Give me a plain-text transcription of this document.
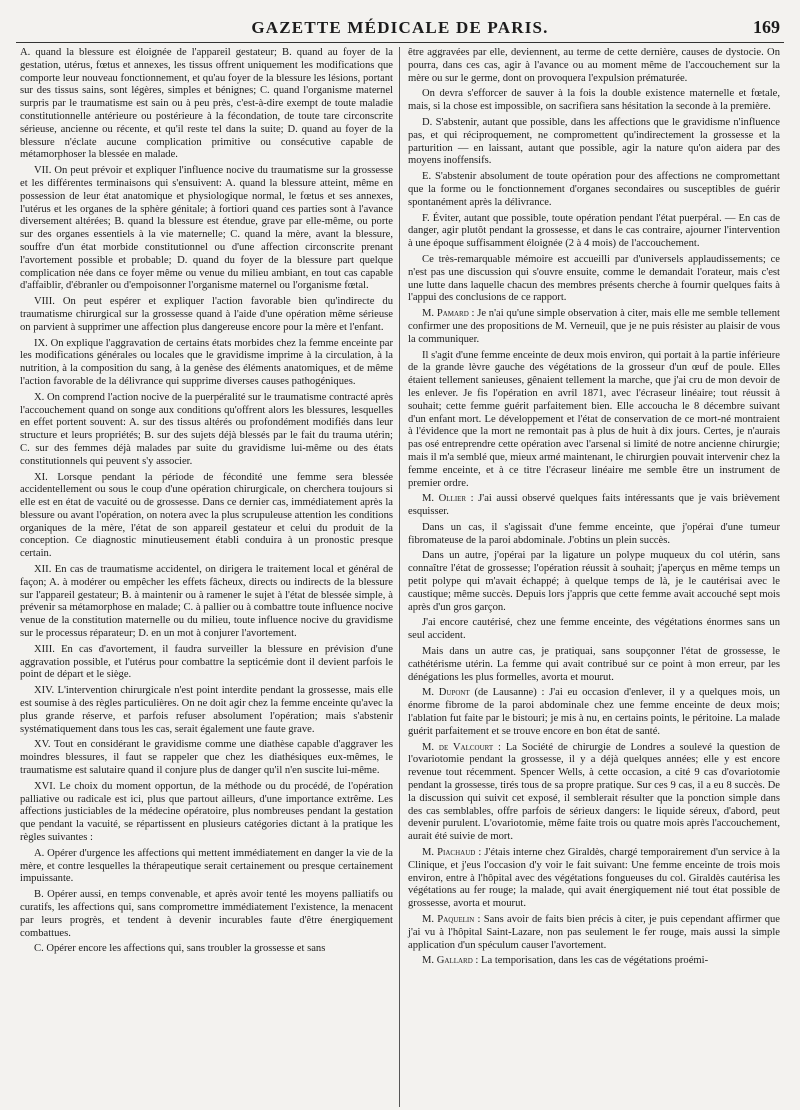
GAZETTE MÉDICALE DE PARIS.	169

A. quand la blessure est éloignée de l'appareil gestateur; B. quand au foyer de la gestation, utérus, fœtus et annexes, les tissus offrent uniquement les modifications que comporte leur nouveau fonctionnement, et qu'au foyer de la blessure les lésions, portant sur des tissus sains, sont légères, simples et bénignes; C. quand l'organisme maternel surpris par le traumatisme est sain ou à peu près, c'est-à-dire exempt de toute maladie constitutionnelle antérieure ou postérieure à la fécondation, de toute tare circonscrite sérieuse, ancienne ou récente, et qu'il reste tel dans la suite; D. quand au foyer de la blessure n'éclate aucune complication primitive ou consécutive capable de métamorphoser la blessée en malade.

VII. On peut prévoir et expliquer l'influence nocive du traumatisme sur la grossesse et les différentes terminaisons qui s'ensuivent: A. quand la blessure atteint, même en possession de leur état anatomique et physiologique normal, le fœtus et ses annexes, l'utérus et les organes de la sphère génitale; à fortiori quand ces parties sont à l'avance diversement altérées; B. quand la blessure est étendue, grave par elle-même, ou porte sur des organes essentiels à la vie maternelle; C. quand la mère, avant la blessure, souffre d'un état morbide constitutionnel ou d'une affection circonscrite prenant l'avortement possible et probable; D. quand du foyer de la blessure part quelque complication née dans ce foyer même ou venue du milieu ambiant, en tout cas capable d'affaiblir, d'ébranler ou d'empoisonner l'organisme maternel ou l'organisme fœtal.

VIII. On peut espérer et expliquer l'action favorable bien qu'indirecte du traumatisme chirurgical sur la grossesse quand à l'aide d'une opération même sérieuse on parvient à supprimer une affection plus dangereuse encore pour la mère et l'enfant.

IX. On explique l'aggravation de certains états morbides chez la femme enceinte par les modifications générales ou locales que le gravidisme imprime à la circulation, à la nutrition, à la composition du sang, à la genèse des éléments anatomiques, et de même l'action favorable de la délivrance qui supprime diverses causes pathogéniques.

X. On comprend l'action nocive de la puerpéralité sur le traumatisme contracté après l'accouchement quand on songe aux conditions qu'offrent alors les blessures, lesquelles en effet portent souvent: A. sur des tissus altérés ou profondément modifiés dans leur structure et leurs propriétés; B. sur des sujets déjà blessés par le fait du trauma utérin; C. sur des femmes déjà malades par suite du gravidisme lui-même ou des états constitutionnels qui peuvent s'y associer.

XI. Lorsque pendant la période de fécondité une femme sera blessée accidentellement ou sous le coup d'une opération chirurgicale, on cherchera toujours si elle est en état de vacuité ou de grossesse. Dans ce dernier cas, immédiatement après la blessure ou avant l'opération, on notera avec la plus scrupuleuse attention les conditions organiques de la mère, l'état de son appareil gestateur et celui du produit de la conception. Ce diagnostic minutieusement établi conduira à un pronostic presque certain.

XII. En cas de traumatisme accidentel, on dirigera le traitement local et général de façon; A. à modérer ou empêcher les effets fâcheux, directs ou indirects de la blessure sur l'appareil gestateur; B. à maintenir ou à ramener le sujet à l'état de blessée simple, à prévenir sa métamorphose en malade; C. à pallier ou à combattre toute influence nocive venue de la constitution maternelle ou du milieu, toute influence nocive du gravidisme sur le processus réparateur; D. en un mot à conjurer l'avortement.

XIII. En cas d'avortement, il faudra surveiller la blessure en prévision d'une aggravation possible, et l'utérus pour combattre la septicémie dont il devient parfois le point de départ et le siège.

XIV. L'intervention chirurgicale n'est point interdite pendant la grossesse, mais elle est soumise à des règles particulières. On ne doit agir chez la femme enceinte qu'avec la plus grande réserve, et parfois refuser absolument l'opération; mais s'abstenir systématiquement dans tous les cas, serait également une faute grave.

XV. Tout en considérant le gravidisme comme une diathèse capable d'aggraver les moindres blessures, il faut se rappeler que chez les diathésiques eux-mêmes, le traumatisme est salutaire quand il conjure plus de danger qu'il n'en suscite lui-même.

XVI. Le choix du moment opportun, de la méthode ou du procédé, de l'opération palliative ou radicale est ici, plus que partout ailleurs, d'une importance extrême. Les affections justiciables de la médecine opératoire, plus nombreuses pendant la gestation que pendant la vacuité, se répartissent en plusieurs catégories dictant à la pratique les règles suivantes :

A. Opérer d'urgence les affections qui mettent immédiatement en danger la vie de la mère, et contre lesquelles la thérapeutique serait certainement ou presque certainement impuissante.

B. Opérer aussi, en temps convenable, et après avoir tenté les moyens palliatifs ou curatifs, les affections qui, sans compromettre immédiatement l'existence, la menacent par leurs progrès, et tendent à devenir incurables faute d'être énergiquement combattues.

C. Opérer encore les affections qui, sans troubler la grossesse et sans

être aggravées par elle, deviennent, au terme de cette dernière, causes de dystocie. On pourra, dans ces cas, agir à l'avance ou au moment même de l'accouchement sur la mère ou sur le germe, dont on provoquera l'expulsion prématurée.

On devra s'efforcer de sauver à la fois la double existence maternelle et fœtale, mais, si la chose est impossible, on sacrifiera sans hésitation la seconde à la première.

D. S'abstenir, autant que possible, dans les affections que le gravidisme n'influence pas, et qui réciproquement, ne compromettent qu'indirectement la grossesse et la parturition — en laissant, autant que possible, agir la nature qu'on aidera par des moyens inoffensifs.

E. S'abstenir absolument de toute opération pour des affections ne compromettant que la forme ou le fonctionnement d'organes secondaires ou susceptibles de guérir spontanément après la délivrance.

F. Éviter, autant que possible, toute opération pendant l'état puerpéral. — En cas de danger, agir plutôt pendant la grossesse, et dans le cas contraire, ajourner l'intervention à une époque suffisamment éloignée (2 à 4 mois) de l'accouchement.

Ce très-remarquable mémoire est accueilli par d'universels applaudissements; ce n'est pas une discussion qui s'ouvre ensuite, comme le demandait l'orateur, mais c'est une lutte dans laquelle chacun des membres présents cherche à fournir quelques faits à l'appui des conclusions de ce rapport.

M. Pamard : Je n'ai qu'une simple observation à citer, mais elle me semble tellement confirmer une des propositions de M. Verneuil, que je ne puis résister au plaisir de vous la communiquer.

Il s'agit d'une femme enceinte de deux mois environ, qui portait à la partie inférieure de la grande lèvre gauche des végétations de la grosseur d'un œuf de poule. Elles étaient tellement sanieuses, gênaient tellement la marche, que j'ai cru de mon devoir de les enlever. Je fis l'opération en avril 1871, avec l'écraseur linéaire; tout réussit à souhait; cette femme guérit parfaitement bien. Elle accoucha le 8 décembre suivant d'un enfant mort. Le développement et l'état de conservation de ce mort-né montraient à l'évidence que la mort ne remontait pas à plus de huit à dix jours. Certes, je n'aurais pas osé entreprendre cette opération avec l'arsenal si limité de notre ancienne chirurgie; mais il m'a semblé que, mieux armé maintenant, le chirurgien pouvait intervenir chez la femme enceinte, et à ce titre l'écraseur linéaire me semble être un instrument de premier ordre.

M. Ollier : J'ai aussi observé quelques faits intéressants que je vais brièvement esquisser.

Dans un cas, il s'agissait d'une femme enceinte, que j'opérai d'une tumeur fibromateuse de la paroi abdominale. J'obtins un plein succès.

Dans un autre, j'opérai par la ligature un polype muqueux du col utérin, sans connaître l'état de grossesse; l'opération réussit à souhait; j'aperçus en même temps un petit polype qui m'avait échappé; à quelque temps de là, je le cautérisai avec le caustique; même succès. Depuis lors j'appris que cette femme avait accouché sept mois après d'un gros garçon.

J'ai encore cautérisé, chez une femme enceinte, des végétations énormes sans un seul accident.

Mais dans un autre cas, je pratiquai, sans soupçonner l'état de grossesse, le cathétérisme utérin. La femme qui avait contribué sur ce point à mon erreur, par les dénégations les plus formelles, avorta et mourut.

M. Dupont (de Lausanne) : J'ai eu occasion d'enlever, il y a quelques mois, un énorme fibrome de la paroi abdominale chez une femme enceinte de deux mois; l'ablation fut faite par le bistouri; je mis à nu, en certains points, le péritoine. La malade guérit parfaitement et se trouve encore en bon état de santé.

M. de Valcourt : La Société de chirurgie de Londres a soulevé la question de l'ovariotomie pendant la grossesse, il y a déjà quelques années; elle y est encore revenue tout récemment. Spencer Wells, à cette occasion, a cité 9 cas d'ovariotomie pendant la grossesse, tirés tous de sa propre pratique. Sur ces 9 cas, il a eu 8 succès. De la discussion qui suivit cet exposé, il semblerait résulter que la ponction simple dans des cas semblables, offre parfois de sérieux dangers: le liquide séreux, d'abord, peut devenir purulent. L'ovariotomie, même faite trois ou quatre mois après l'accouchement, aurait été suivie de mort.

M. Piachaud : J'étais interne chez Giraldès, chargé temporairement d'un service à la Clinique, et j'eus l'occasion d'y voir le fait suivant: Une femme enceinte de trois mois environ, entre à l'hôpital avec des végétations fongueuses du col. Giraldès cautérisa les végétations au fer rouge; la malade, qui avait énergiquement nié tout état possible de grossesse, avorta et mourut.

M. Paquelin : Sans avoir de faits bien précis à citer, je puis cependant affirmer que j'ai vu à l'hôpital Saint-Lazare, non pas seulement le fer rouge, mais aussi la simple application d'un spéculum causer l'avortement.

M. Gallard : La temporisation, dans les cas de végétations proémi-
